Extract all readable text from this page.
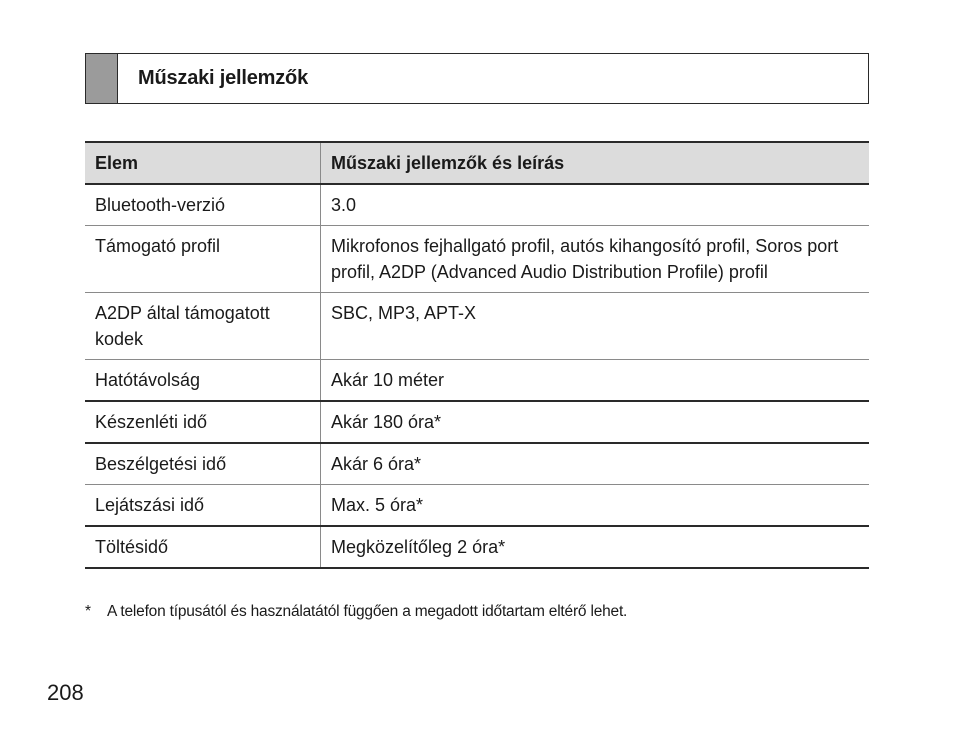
Műszaki jellemzők
Elem	Műszaki jellemzők és leírás
Bluetooth-verzió	3.0
Támogató profil	Mikrofonos fejhallgató profil, autós kihangosító profil, Soros port profil, A2DP (Advanced Audio Distribution Profile) profil
A2DP által támogatott kodek	SBC, MP3, APT-X
Hatótávolság	Akár 10 méter
Készenléti idő	Akár 180 óra*
Beszélgetési idő	Akár 6 óra*
Lejátszási idő	Max. 5 óra*
Töltésidő	Megközelítőleg 2 óra*
*	A telefon típusától és használatától függően a megadott időtartam eltérő lehet.
208
